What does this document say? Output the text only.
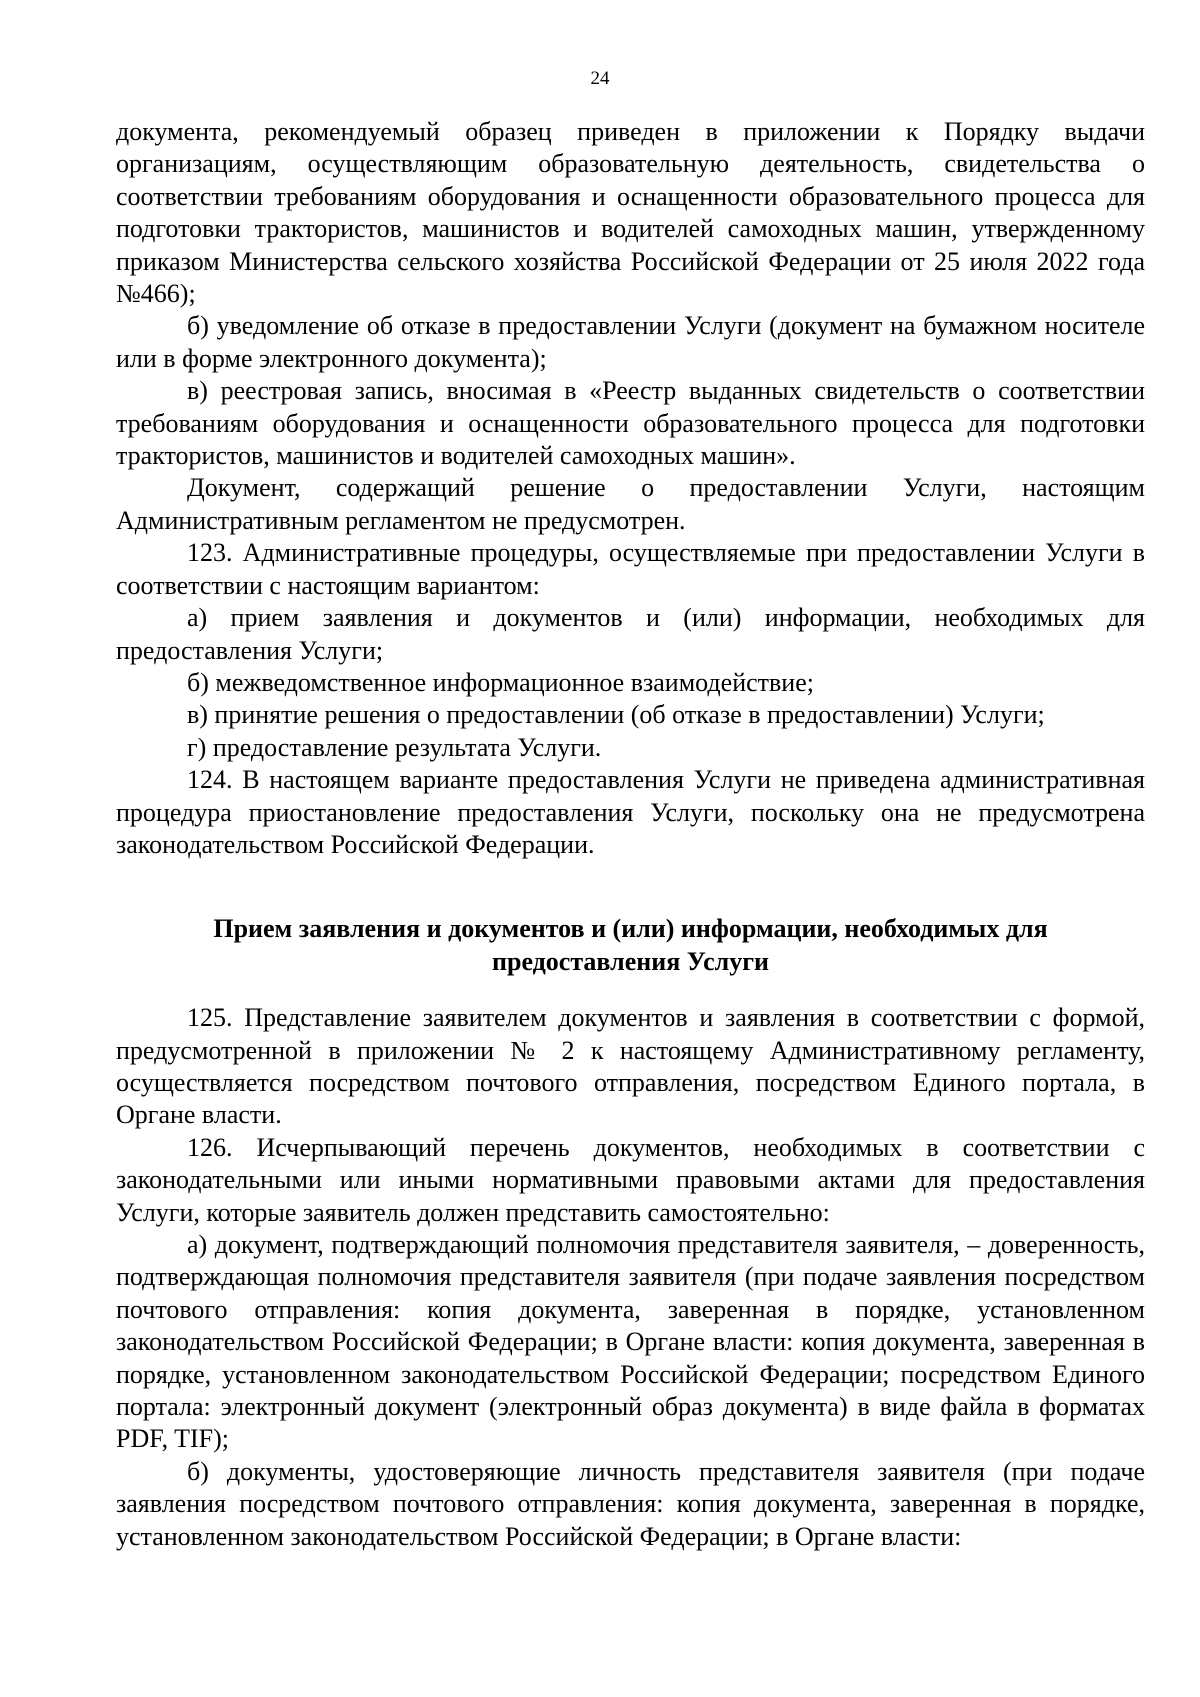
24

документа, рекомендуемый образец приведен в приложении к Порядку выдачи организациям, осуществляющим образовательную деятельность, свидетельства о соответствии требованиям оборудования и оснащенности образовательного процесса для подготовки трактористов, машинистов и водителей самоходных машин, утвержденному приказом Министерства сельского хозяйства Российской Федерации от 25 июля 2022 года №466);

б) уведомление об отказе в предоставлении Услуги (документ на бумажном носителе или в форме электронного документа);

в) реестровая запись, вносимая в «Реестр выданных свидетельств о соответствии требованиям оборудования и оснащенности образовательного процесса для подготовки трактористов, машинистов и водителей самоходных машин».

Документ, содержащий решение о предоставлении Услуги, настоящим Административным регламентом не предусмотрен.

123. Административные процедуры, осуществляемые при предоставлении Услуги в соответствии с настоящим вариантом:

а) прием заявления и документов и (или) информации, необходимых для предоставления Услуги;

б) межведомственное информационное взаимодействие;

в) принятие решения о предоставлении (об отказе в предоставлении) Услуги;

г) предоставление результата Услуги.

124. В настоящем варианте предоставления Услуги не приведена административная процедура приостановление предоставления Услуги, поскольку она не предусмотрена законодательством Российской Федерации.

Прием заявления и документов и (или) информации, необходимых для предоставления Услуги

125. Представление заявителем документов и заявления в соответствии с формой, предусмотренной в приложении № 2 к настоящему Административному регламенту, осуществляется посредством почтового отправления, посредством Единого портала, в Органе власти.

126. Исчерпывающий перечень документов, необходимых в соответствии с законодательными или иными нормативными правовыми актами для предоставления Услуги, которые заявитель должен представить самостоятельно:

а) документ, подтверждающий полномочия представителя заявителя, – доверенность, подтверждающая полномочия представителя заявителя (при подаче заявления посредством почтового отправления: копия документа, заверенная в порядке, установленном законодательством Российской Федерации; в Органе власти: копия документа, заверенная в порядке, установленном законодательством Российской Федерации; посредством Единого портала: электронный документ (электронный образ документа) в виде файла в форматах PDF, TIF);

б) документы, удостоверяющие личность представителя заявителя (при подаче заявления посредством почтового отправления: копия документа, заверенная в порядке, установленном законодательством Российской Федерации; в Органе власти:
